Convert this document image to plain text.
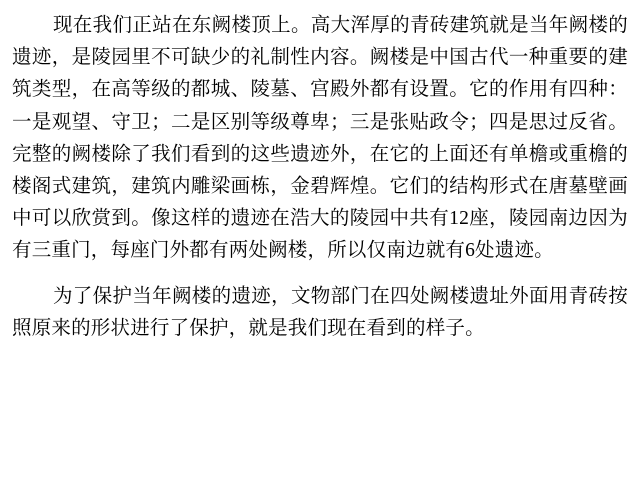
现在我们正站在东阙楼顶上。高大浑厚的青砖建筑就是当年阙楼的遗迹，是陵园里不可缺少的礼制性内容。阙楼是中国古代一种重要的建筑类型，在高等级的都城、陵墓、宫殿外都有设置。它的作用有四种：一是观望、守卫；二是区别等级尊卑；三是张贴政令；四是思过反省。完整的阙楼除了我们看到的这些遗迹外，在它的上面还有单檐或重檐的楼阁式建筑，建筑内雕梁画栋，金碧辉煌。它们的结构形式在唐墓壁画中可以欣赏到。像这样的遗迹在浩大的陵园中共有12座，陵园南边因为有三重门，每座门外都有两处阙楼，所以仅南边就有6处遗迹。

为了保护当年阙楼的遗迹，文物部门在四处阙楼遗址外面用青砖按照原来的形状进行了保护，就是我们现在看到的样子。
